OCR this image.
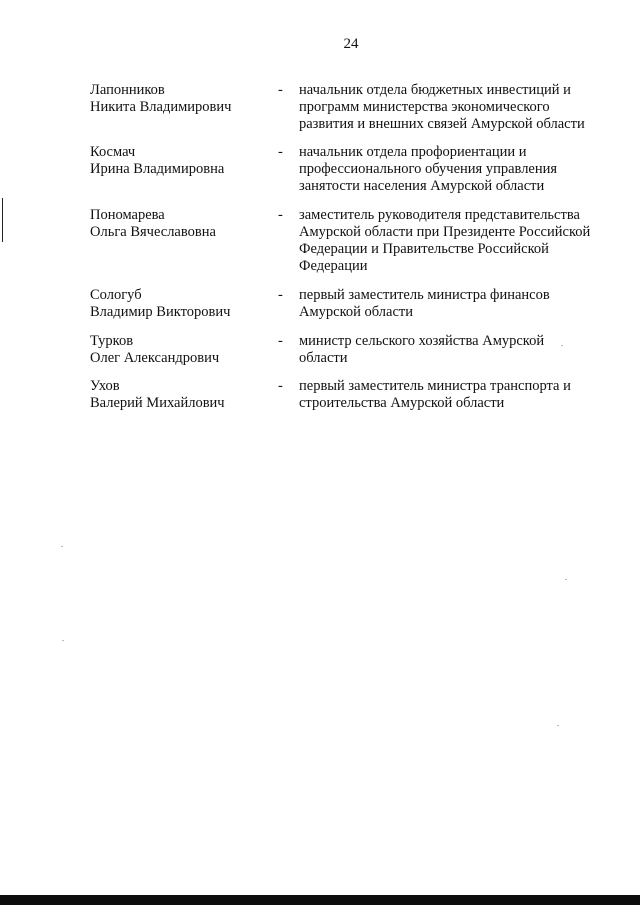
24
Лапонников
Никита Владимирович
-	начальник отдела бюджетных инвестиций и
программ министерства экономического
развития и внешних связей Амурской области
Космач
Ирина Владимировна
-	начальник отдела профориентации и
профессионального обучения управления
занятости населения Амурской области
Пономарева
Ольга Вячеславовна
-	заместитель руководителя представительства
Амурской области при Президенте Российской
Федерации и Правительстве Российской
Федерации
Сологуб
Владимир Викторович
-	первый заместитель министра финансов
Амурской области
Турков
Олег Александрович
-	министр сельского хозяйства Амурской
области
Ухов
Валерий Михайлович
-	первый заместитель министра транспорта и
строительства Амурской области
